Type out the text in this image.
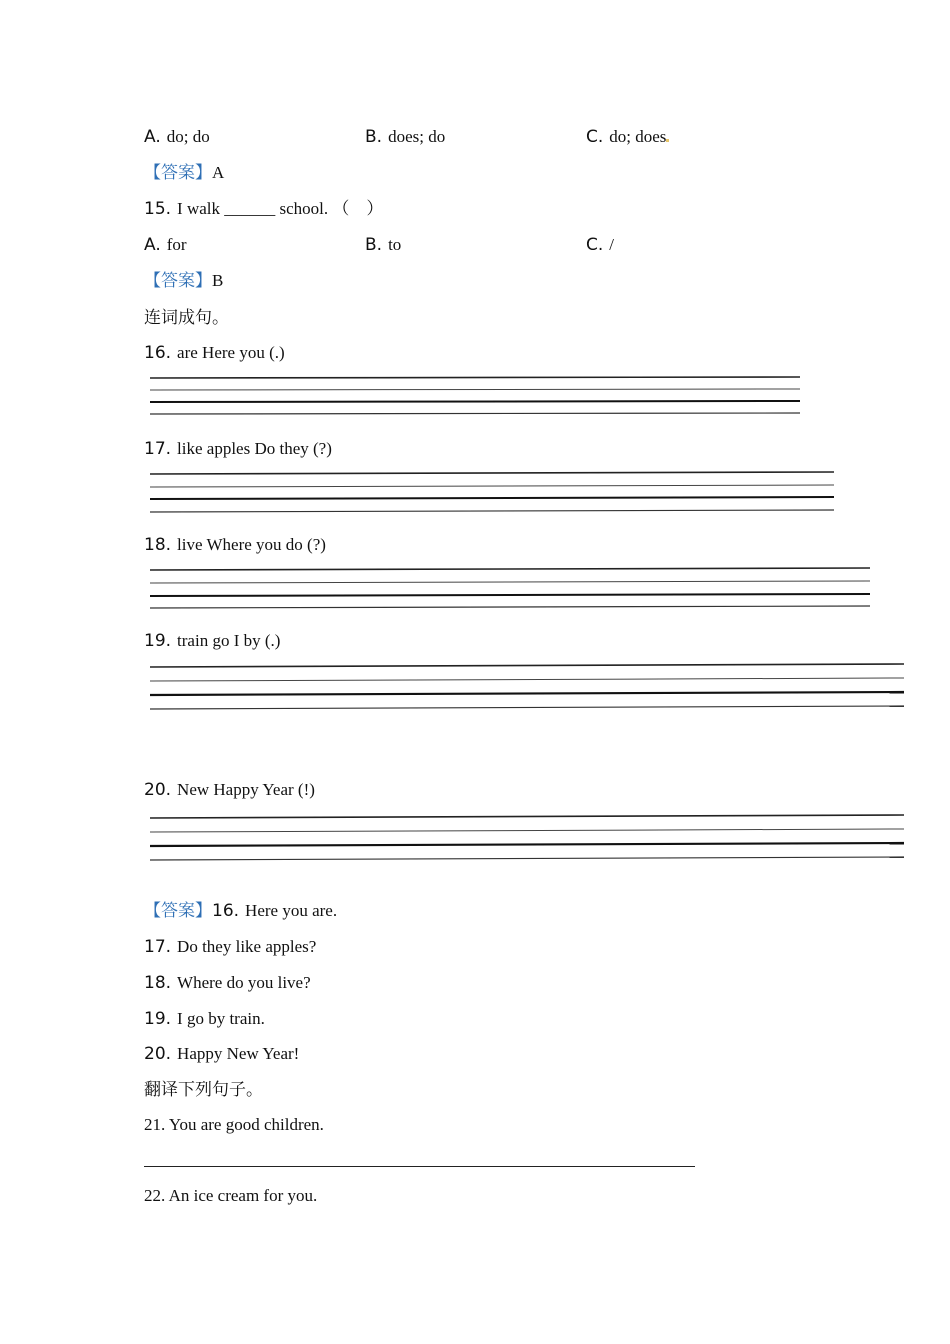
A. do; do	B. does; do	C. do; does
【答案】A
15. I walk ______ school. （　）
A. for	B. to	C. /
【答案】B
连词成句。
16. are Here you (.)
17. like apples Do they (?)
18. live Where you do (?)
19. train go I by (.)
20. New Happy Year (!)
【答案】16. Here you are.
17. Do they like apples?
18. Where do you live?
19. I go by train.
20. Happy New Year!
翻译下列句子。
21. You are good children.
22. An ice cream for you.
